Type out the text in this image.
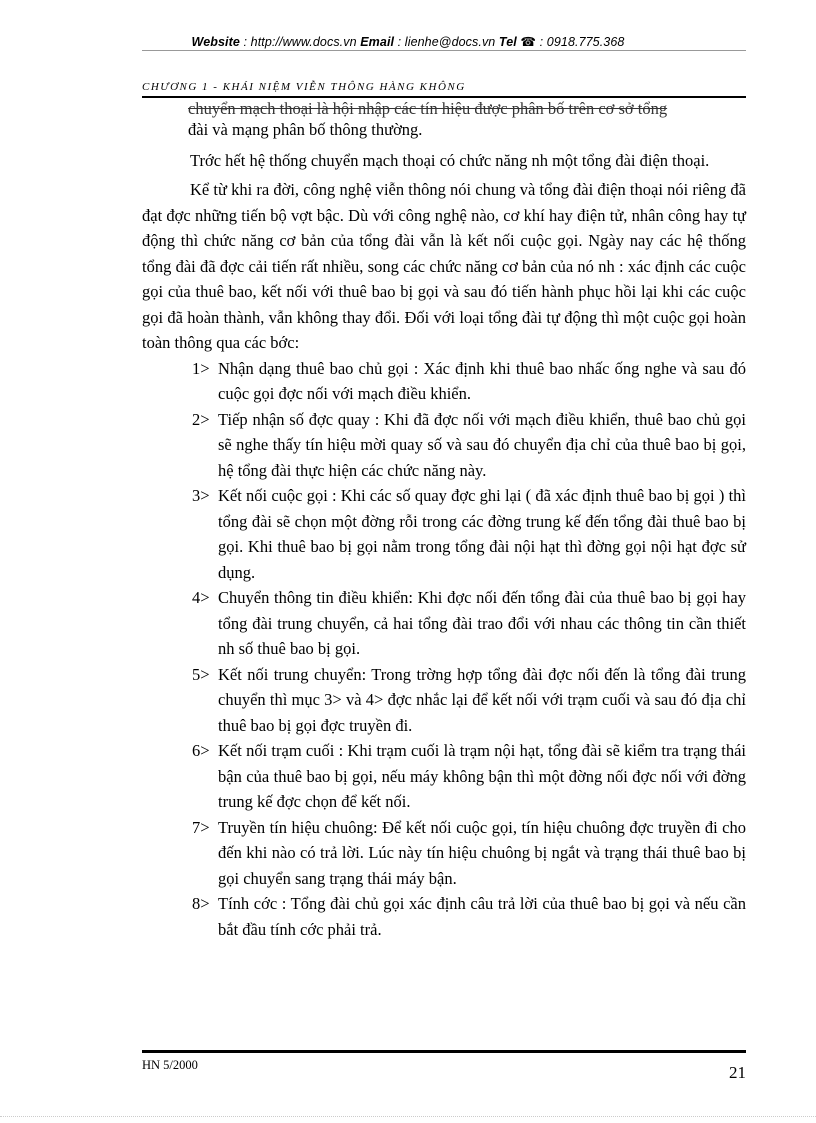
Website : http://www.docs.vn Email : lienhe@docs.vn Tel ☎ : 0918.775.368
CHƯƠNG 1 - KHÁI NIỆM VIỄN THÔNG HÀNG KHÔNG
chuyển mạch thoại là hội nhập các tín hiệu được phân bố trên cơ sở tổng

đài và mạng phân bố thông thường.

Trớc hết hệ thống chuyển mạch thoại có chức năng nh một tổng đài điện thoại.

Kể từ khi ra đời, công nghệ viễn thông nói chung và tổng đài điện thoại nói riêng đã đạt đợc những tiến bộ vợt bậc. Dù với công nghệ nào, cơ khí hay điện tử, nhân công hay tự động thì chức năng cơ bản của tổng đài vẫn là kết nối cuộc gọi. Ngày nay các hệ thống tổng đài đã đợc cải tiến rất nhiều, song các chức năng cơ bản của nó nh : xác định các cuộc gọi của thuê bao, kết nối với thuê bao bị gọi và sau đó tiến hành phục hồi lại khi các cuộc gọi đã hoàn thành, vẫn không thay đổi. Đối với loại tổng đài tự động thì một cuộc gọi hoàn toàn thông qua các bớc:

1> Nhận dạng thuê bao chủ gọi : Xác định khi thuê bao nhấc ống nghe và sau đó cuộc gọi đợc nối với mạch điều khiển.
2> Tiếp nhận số đợc quay : Khi đã đợc nối với mạch điều khiển, thuê bao chủ gọi sẽ nghe thấy tín hiệu mời quay số và sau đó chuyển địa chỉ của thuê bao bị gọi, hệ tổng đài thực hiện các chức năng này.
3> Kết nối cuộc gọi : Khi các số quay đợc ghi lại ( đã xác định thuê bao bị gọi ) thì tổng đài sẽ chọn một đờng rỗi trong các đờng trung kế đến tổng đài thuê bao bị gọi. Khi thuê bao bị gọi nằm trong tổng đài nội hạt thì đờng gọi nội hạt đợc sử dụng.
4> Chuyển thông tin điều khiển: Khi đợc nối đến tổng đài của thuê bao bị gọi hay tổng đài trung chuyển, cả hai tổng đài trao đổi với nhau các thông tin cần thiết nh số thuê bao bị gọi.
5> Kết nối trung chuyển: Trong trờng hợp tổng đài đợc nối đến là tổng đài trung chuyển thì mục 3> và 4> đợc nhắc lại để kết nối với trạm cuối và sau đó địa chỉ thuê bao bị gọi đợc truyền đi.
6> Kết nối trạm cuối : Khi trạm cuối là trạm nội hạt, tổng đài sẽ kiểm tra trạng thái bận của thuê bao bị gọi, nếu máy không bận thì một đờng nối đợc nối với đờng trung kế đợc chọn để kết nối.
7> Truyền tín hiệu chuông: Để kết nối cuộc gọi, tín hiệu chuông đợc truyền đi cho đến khi nào có trả lời. Lúc này tín hiệu chuông bị ngắt và trạng thái thuê bao bị gọi chuyển sang trạng thái máy bận.
8> Tính cớc : Tổng đài chủ gọi xác định câu trả lời của thuê bao bị gọi và nếu cần bắt đầu tính cớc phải trả.
HN 5/2000	21
